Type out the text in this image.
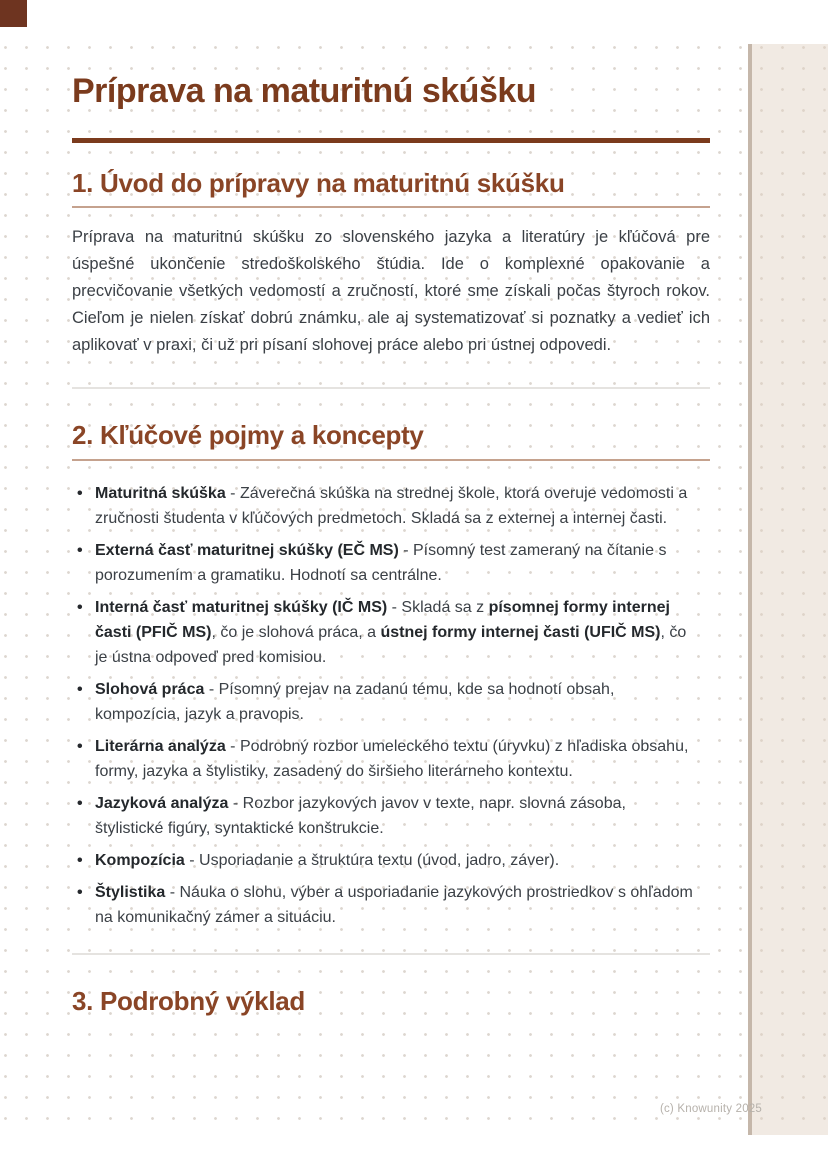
Príprava na maturitnú skúšku
1. Úvod do prípravy na maturitnú skúšku

Príprava na maturitnú skúšku zo slovenského jazyka a literatúry je kľúčová pre úspešné ukončenie stredoškolského štúdia. Ide o komplexné opakovanie a precvičovanie všetkých vedomostí a zručností, ktoré sme získali počas štyroch rokov. Cieľom je nielen získať dobrú známku, ale aj systematizovať si poznatky a vedieť ich aplikovať v praxi, či už pri písaní slohovej práce alebo pri ústnej odpovedi.

2. Kľúčové pojmy a koncepty
• Maturitná skúška - Záverečná skúška na strednej škole, ktorá overuje vedomosti a zručnosti študenta v kľúčových predmetoch. Skladá sa z externej a internej časti.
• Externá časť maturitnej skúšky (EČ MS) - Písomný test zameraný na čítanie s porozumením a gramatiku. Hodnotí sa centrálne.
• Interná časť maturitnej skúšky (IČ MS) - Skladá sa z písomnej formy internej časti (PFIČ MS), čo je slohová práca, a ústnej formy internej časti (UFIČ MS), čo je ústna odpoveď pred komisiou.
• Slohová práca - Písomný prejav na zadanú tému, kde sa hodnotí obsah, kompozícia, jazyk a pravopis.
• Literárna analýza - Podrobný rozbor umeleckého textu (úryvku) z hľadiska obsahu, formy, jazyka a štylistiky, zasadený do širšieho literárneho kontextu.
• Jazyková analýza - Rozbor jazykových javov v texte, napr. slovná zásoba, štylistické figúry, syntaktické konštrukcie.
• Kompozícia - Usporiadanie a štruktúra textu (úvod, jadro, záver).
• Štylistika - Náuka o slohu, výber a usporiadanie jazykových prostriedkov s ohľadom na komunikačný zámer a situáciu.
3. Podrobný výklad
(c) Knowunity 2025
